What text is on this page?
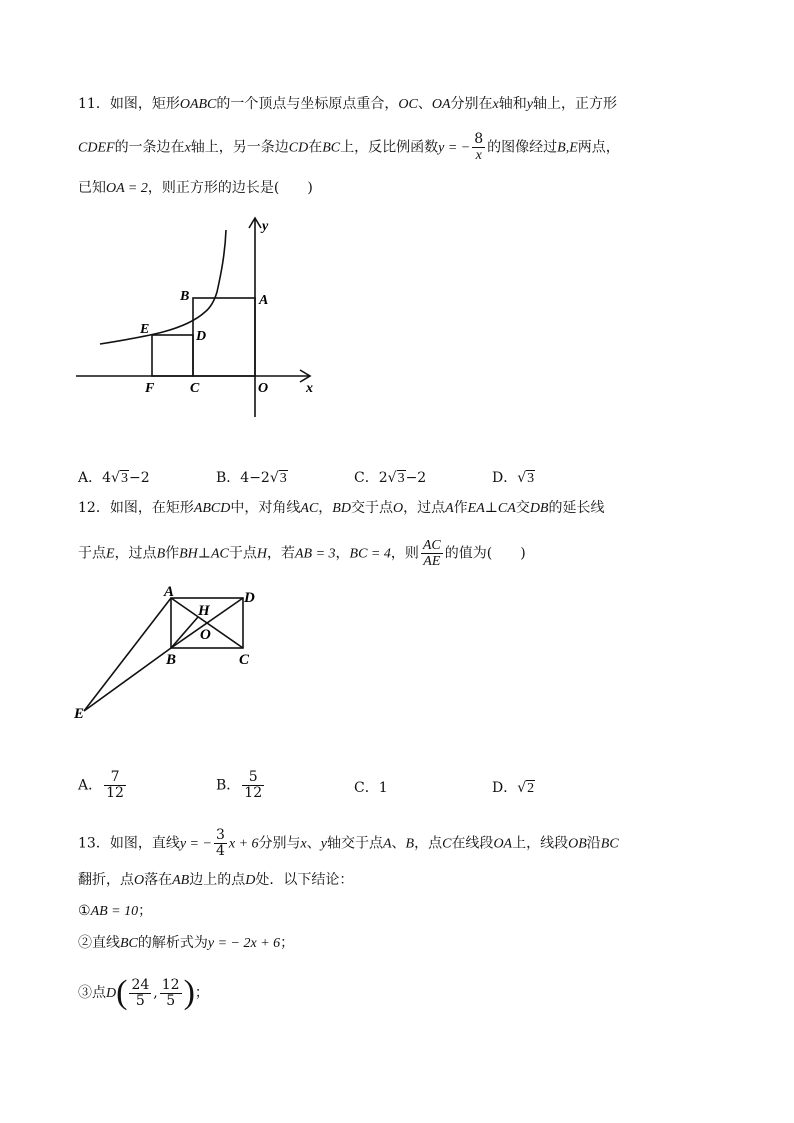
11．如图，矩形OABC的一个顶点与坐标原点重合，OC、OA分别在x轴和y轴上，正方形
CDEF的一条边在x轴上，另一条边CD在BC上，反比例函数y = − $\frac{8}{x}$ 的图像经过B,E两点，
已知OA = 2，则正方形的边长是(　　)
y
x
A
B
D
E
F	C	O
A．4√3−2	B．4−2√3	C．2√3−2	D．√3
12．如图，在矩形ABCD中，对角线AC，BD交于点O，过点A作EA⊥CA交DB的延长线
于点E，过点B作BH⊥AC于点H，若AB = 3，BC = 4，则 $\frac{AC}{AE}$ 的值为(　　)
A	D
H
O
B	C
E
A． $\frac{7}{12}$	B． $\frac{5}{12}$	C．1	D．√2
13．如图，直线y = − $\frac{3}{4}$ x + 6分别与x、y轴交于点A、B，点C在线段OA上，线段OB沿BC
翻折，点O落在AB边上的点D处．以下结论：
①AB = 10；
②直线BC的解析式为y = − 2x + 6；
③点$D( \frac{24}{5}$ , $\frac{12}{5}$ )；
